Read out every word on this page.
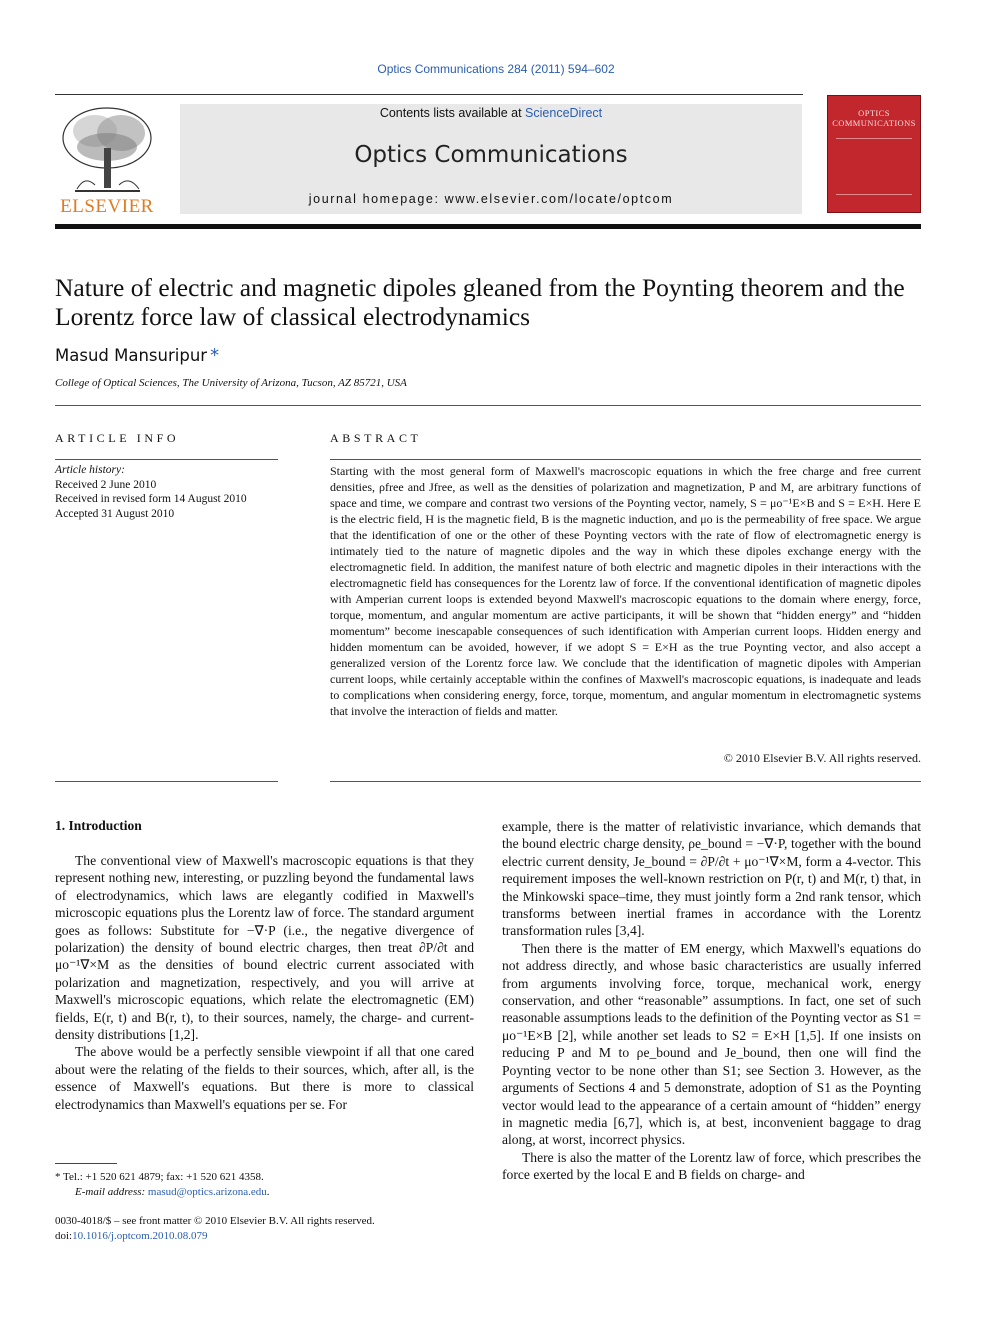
Optics Communications 284 (2011) 594–602
ELSEVIER
Contents lists available at ScienceDirect
Optics Communications
journal homepage: www.elsevier.com/locate/optcom
OPTICS COMMUNICATIONS
Nature of electric and magnetic dipoles gleaned from the Poynting theorem and the Lorentz force law of classical electrodynamics
Masud Mansuripur *
College of Optical Sciences, The University of Arizona, Tucson, AZ 85721, USA
ARTICLE INFO	ABSTRACT
Article history:
Received 2 June 2010
Received in revised form 14 August 2010
Accepted 31 August 2010
Starting with the most general form of Maxwell's macroscopic equations in which the free charge and free current densities, ρfree and Jfree, as well as the densities of polarization and magnetization, P and M, are arbitrary functions of space and time, we compare and contrast two versions of the Poynting vector, namely, S = μo⁻¹E×B and S = E×H. Here E is the electric field, H is the magnetic field, B is the magnetic induction, and μo is the permeability of free space. We argue that the identification of one or the other of these Poynting vectors with the rate of flow of electromagnetic energy is intimately tied to the nature of magnetic dipoles and the way in which these dipoles exchange energy with the electromagnetic field. In addition, the manifest nature of both electric and magnetic dipoles in their interactions with the electromagnetic field has consequences for the Lorentz law of force. If the conventional identification of magnetic dipoles with Amperian current loops is extended beyond Maxwell's macroscopic equations to the domain where energy, force, torque, momentum, and angular momentum are active participants, it will be shown that “hidden energy” and “hidden momentum” become inescapable consequences of such identification with Amperian current loops. Hidden energy and hidden momentum can be avoided, however, if we adopt S = E×H as the true Poynting vector, and also accept a generalized version of the Lorentz force law. We conclude that the identification of magnetic dipoles with Amperian current loops, while certainly acceptable within the confines of Maxwell's macroscopic equations, is inadequate and leads to complications when considering energy, force, torque, momentum, and angular momentum in electromagnetic systems that involve the interaction of fields and matter.
© 2010 Elsevier B.V. All rights reserved.
1. Introduction

The conventional view of Maxwell's macroscopic equations is that they represent nothing new, interesting, or puzzling beyond the fundamental laws of electrodynamics, which laws are elegantly codified in Maxwell's microscopic equations plus the Lorentz law of force. The standard argument goes as follows: Substitute for −∇·P (i.e., the negative divergence of polarization) the density of bound electric charges, then treat ∂P/∂t and μo⁻¹∇×M as the densities of bound electric current associated with polarization and magnetization, respectively, and you will arrive at Maxwell's microscopic equations, which relate the electromagnetic (EM) fields, E(r, t) and B(r, t), to their sources, namely, the charge- and current-density distributions [1,2].

The above would be a perfectly sensible viewpoint if all that one cared about were the relating of the fields to their sources, which, after all, is the essence of Maxwell's equations. But there is more to classical electrodynamics than Maxwell's equations per se. For

example, there is the matter of relativistic invariance, which demands that the bound electric charge density, ρe_bound = −∇·P, together with the bound electric current density, Je_bound = ∂P/∂t + μo⁻¹∇×M, form a 4-vector. This requirement imposes the well-known restriction on P(r, t) and M(r, t) that, in the Minkowski space–time, they must jointly form a 2nd rank tensor, which transforms between inertial frames in accordance with the Lorentz transformation rules [3,4].

Then there is the matter of EM energy, which Maxwell's equations do not address directly, and whose basic characteristics are usually inferred from arguments involving force, torque, mechanical work, energy conservation, and other “reasonable” assumptions. In fact, one set of such reasonable assumptions leads to the definition of the Poynting vector as S1 = μo⁻¹E×B [2], while another set leads to S2 = E×H [1,5]. If one insists on reducing P and M to ρe_bound and Je_bound, then one will find the Poynting vector to be none other than S1; see Section 3. However, as the arguments of Sections 4 and 5 demonstrate, adoption of S1 as the Poynting vector would lead to the appearance of a certain amount of “hidden” energy in magnetic media [6,7], which is, at best, inconvenient baggage to drag along, at worst, incorrect physics.

There is also the matter of the Lorentz law of force, which prescribes the force exerted by the local E and B fields on charge- and

* Tel.: +1 520 621 4879; fax: +1 520 621 4358.
E-mail address: masud@optics.arizona.edu.
0030-4018/$ – see front matter © 2010 Elsevier B.V. All rights reserved.
doi:10.1016/j.optcom.2010.08.079
